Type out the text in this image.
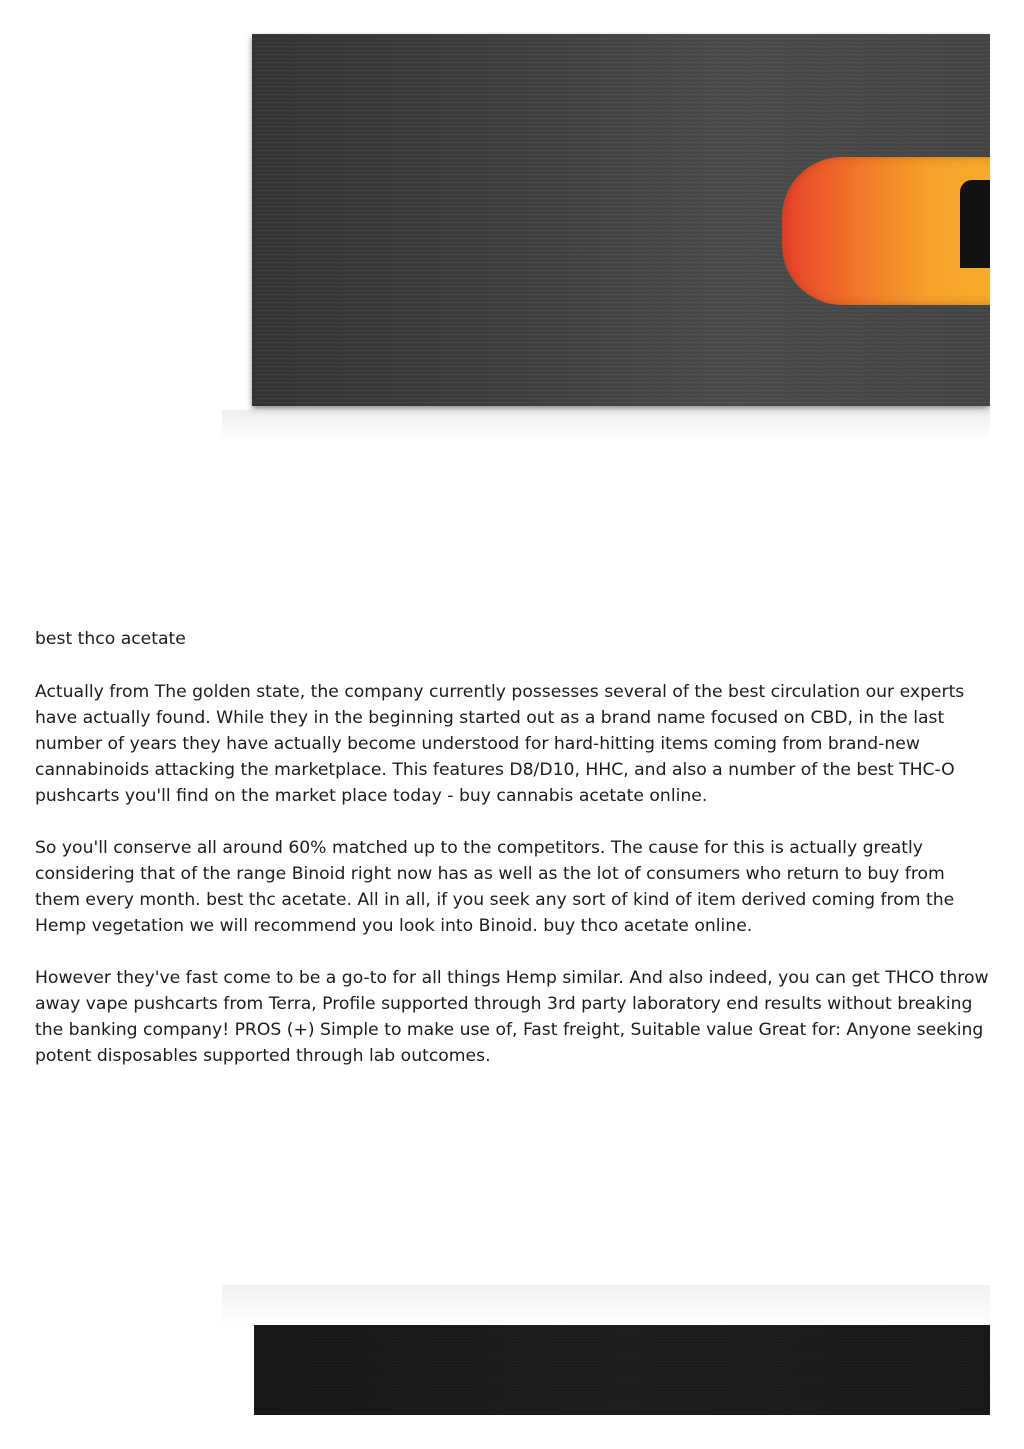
best thco acetate

Actually from The golden state, the company currently possesses several of the best circulation our experts have actually found. While they in the beginning started out as a brand name focused on CBD, in the last number of years they have actually become understood for hard-hitting items coming from brand-new cannabinoids attacking the marketplace. This features D8/D10, HHC, and also a number of the best THC-O pushcarts you'll find on the market place today - buy cannabis acetate online.

So you'll conserve all around 60% matched up to the competitors. The cause for this is actually greatly considering that of the range Binoid right now has as well as the lot of consumers who return to buy from them every month. best thc acetate. All in all, if you seek any sort of kind of item derived coming from the Hemp vegetation we will recommend you look into Binoid. buy thco acetate online.

However they've fast come to be a go-to for all things Hemp similar. And also indeed, you can get THCO throw away vape pushcarts from Terra, Profile supported through 3rd party laboratory end results without breaking the banking company! PROS (+) Simple to make use of, Fast freight, Suitable value Great for: Anyone seeking potent disposables supported through lab outcomes.
